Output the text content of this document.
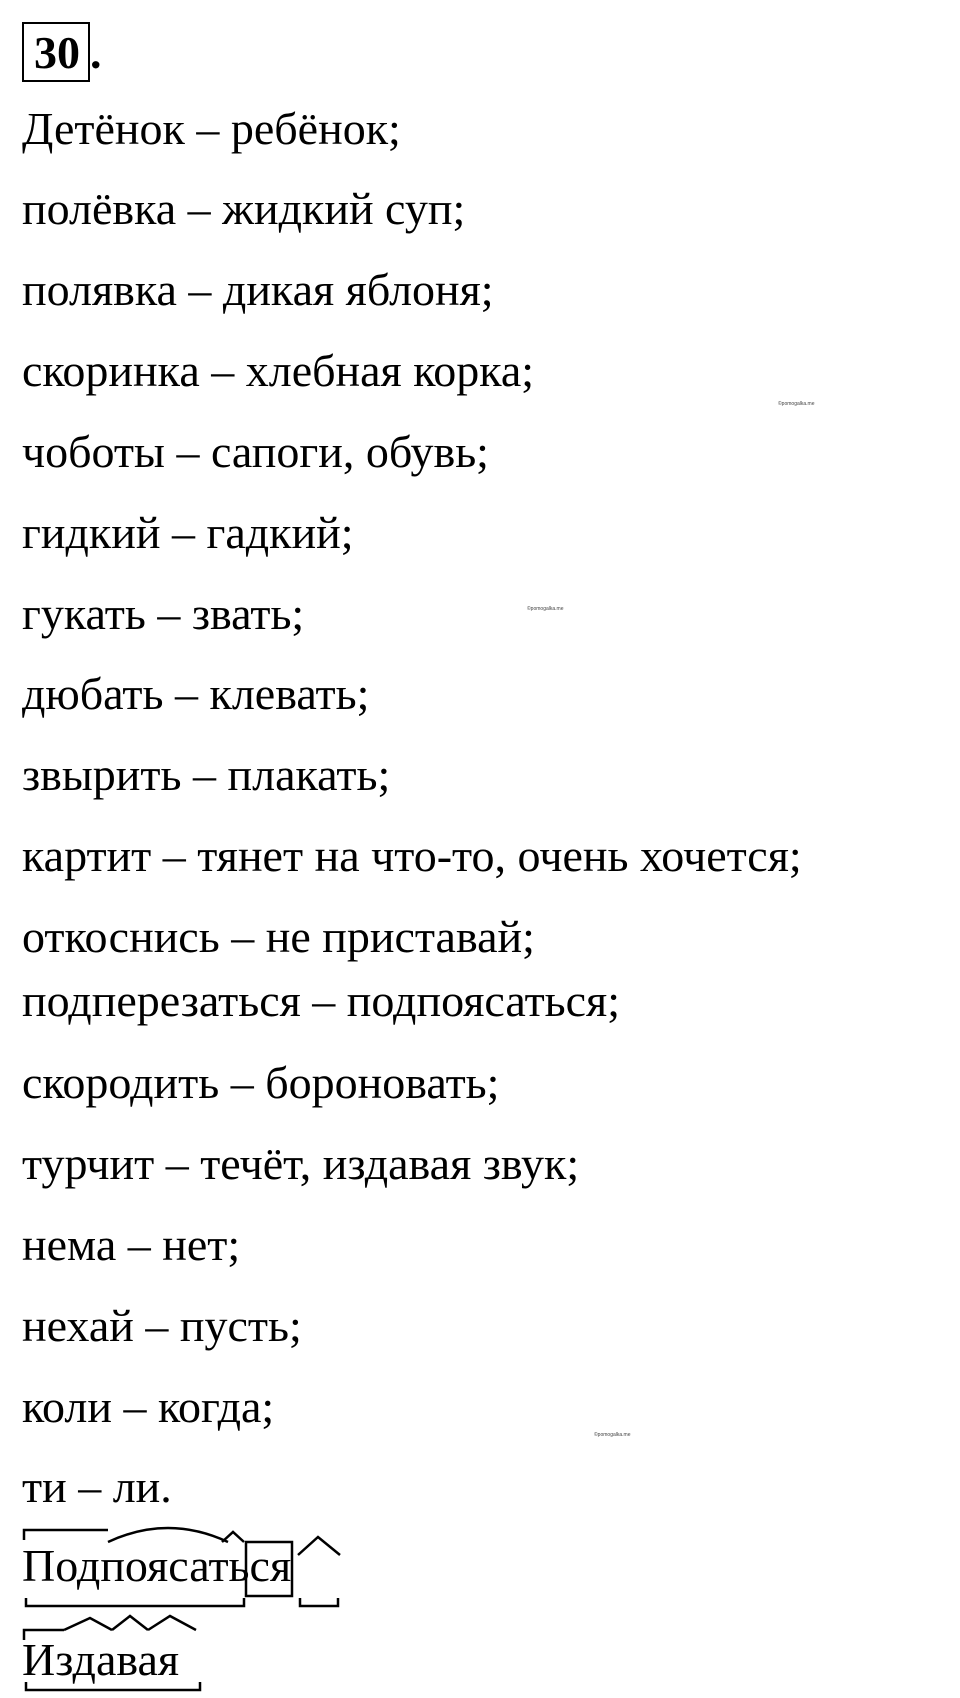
30 .
Детёнок – ребёнок;
полёвка – жидкий суп;
полявка – дикая яблоня;
скоринка – хлебная корка;
чоботы – сапоги, обувь;
гидкий – гадкий;
гукать – звать;
дюбать – клевать;
звырить – плакать;
картит – тянет на что-то, очень хочется;
откоснись – не приставай;
подперезаться – подпоясаться;
скородить – бороновать;
турчит – течёт, издавая звук;
нема – нет;
нехай – пусть;
коли – когда;
ти – ли.
©pomogalka.me
©pomogalka.me
©pomogalka.me
Подпоясаться
Издавая
